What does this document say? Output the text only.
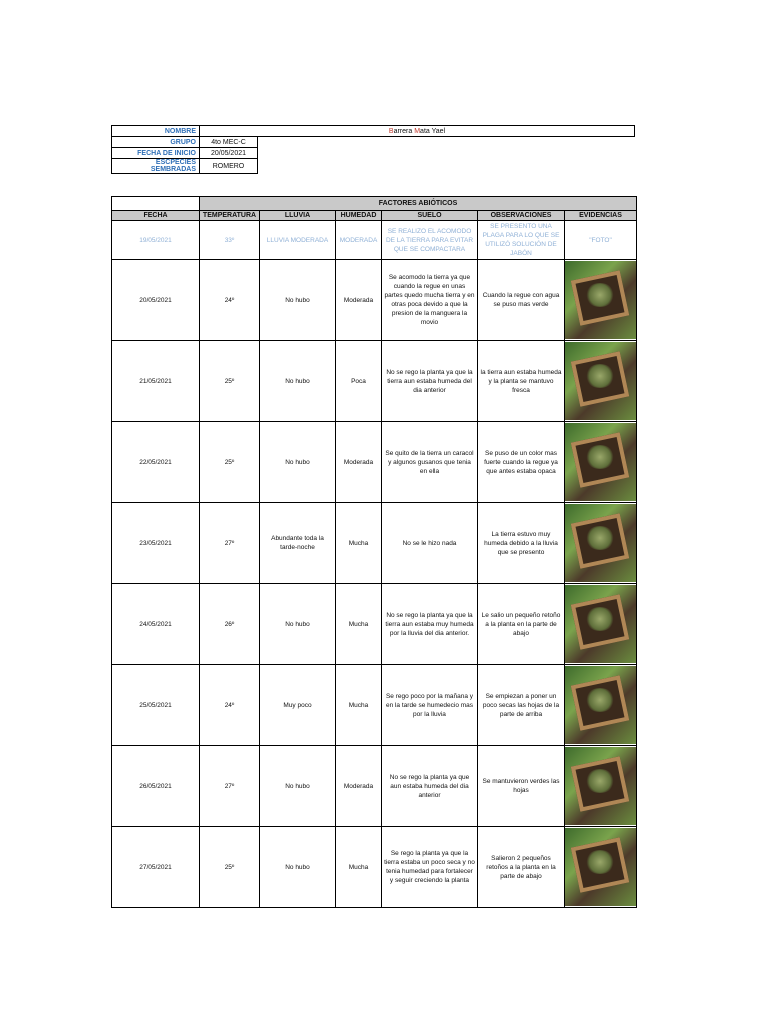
NOMBRE	Barrera Mata Yael	
GRUPO	4to MEC-C	
FECHA DE INICIO	20/05/2021	
ESCPECIES SEMBRADAS	ROMERO	
	FACTORES ABIÓTICOS					
FECHA	TEMPERATURA	LLUVIA	HUMEDAD	SUELO	OBSERVACIONES	EVIDENCIAS
19/05/2021	33º	LLUVIA MODERADA	MODERADA	SE REALIZO EL ACOMODO DE LA TIERRA PARA EVITAR QUE SE COMPACTARA	SE PRESENTO UNA PLAGA PARA LO QUE SE UTILIZÓ SOLUCIÓN DE JABÓN	"FOTO"
20/05/2021	24º	No hubo	Moderada	Se acomodo la tierra ya que cuando la regue en unas partes quedo mucha tierra y en otras poca devido a que la presion de la manguera la movio	Cuando la regue con agua se puso mas verde	

21/05/2021	25º	No hubo	Poca	No se rego la planta ya que la tierra aun estaba humeda del dia anterior	la tierra aun estaba humeda y la planta se mantuvo fresca	

22/05/2021	25º	No hubo	Moderada	Se quito de la tierra un caracol y algunos gusanos que tenia en ella	Se puso de un color mas fuerte cuando la regue ya que antes estaba opaca	

23/05/2021	27º	Abundante toda la tarde-noche	Mucha	No se le hizo nada	La tierra estuvo muy humeda debido a la lluvia que se presento	

24/05/2021	26º	No hubo	Mucha	No se rego la planta ya que la tierra aun estaba muy humeda por la lluvia del dia anterior.	Le salio un pequeño retoño a la planta en la parte de abajo	

25/05/2021	24º	Muy poco	Mucha	Se rego poco por la mañana y en la tarde se humedecio mas por la lluvia	Se empiezan a poner un poco secas las hojas de la parte de arriba	

26/05/2021	27º	No hubo	Moderada	No se rego la planta ya que aun estaba humeda del dia anterior	Se mantuvieron verdes las hojas	

27/05/2021	25º	No hubo	Mucha	Se rego la planta ya que la tierra estaba un poco seca y no tenia humedad para fortalecer y seguir creciendo la planta	Salieron 2 pequeños retoños a la planta en la parte de abajo	
